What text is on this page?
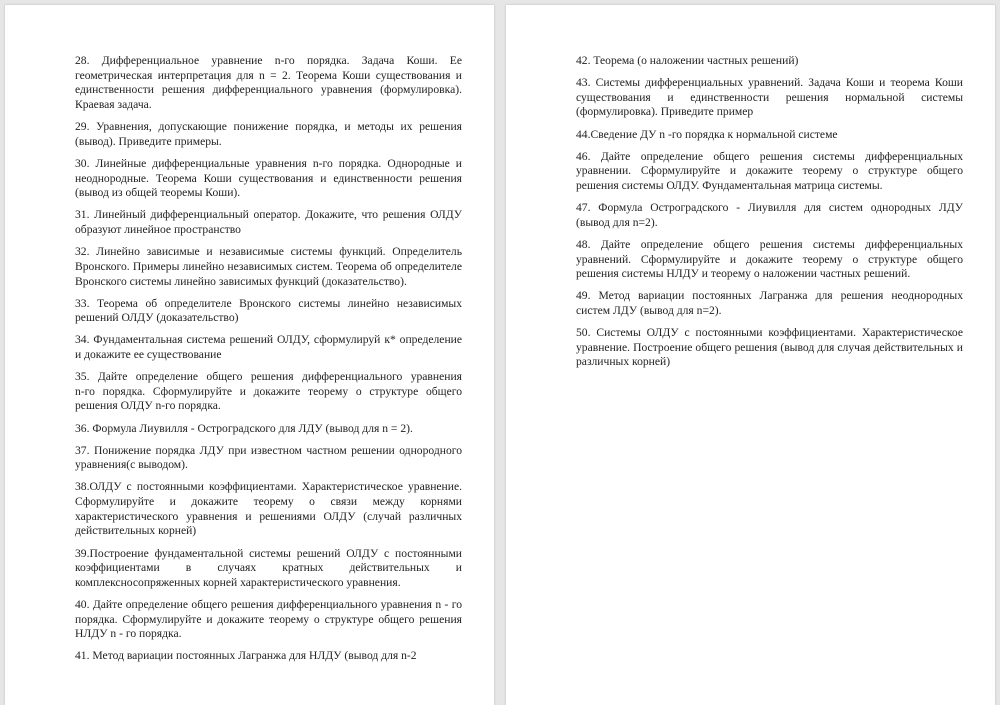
28. Дифференциальное уравнение n-го порядка. Задача Коши. Ее
геометрическая интерпретация для n = 2. Теорема Коши существования и
единственности решения дифференциального уравнения (формулировка).
Краевая задача.
29. Уравнения, допускающие понижение порядка, и методы их решения
(вывод). Приведите примеры.
30. Линейные дифференциальные уравнения n-го порядка. Однородные и
неоднородные. Теорема Коши существования и единственности решения
(вывод из общей теоремы Коши).
31. Линейный дифференциальный оператор. Докажите, что решения ОЛДУ
образуют линейное пространство
32. Линейно зависимые и независимые системы функций. Определитель
Вронского. Примеры линейно независимых систем. Теорема об определителе
Вронского системы линейно зависимых функций (доказательство).
33. Теорема об определителе Вронского системы линейно независимых
решений ОЛДУ (доказательство)
34. Фундаментальная система решений ОЛДУ, сформулируй к* определение
и докажите ее существование
35. Дайте определение общего решения дифференциального уравнения
n-го порядка. Сформулируйте и докажите теорему о структуре общего
решения ОЛДУ n-го порядка.
36. Формула Лиувилля - Остроградского для ЛДУ (вывод для n = 2).
37. Понижение порядка ЛДУ при известном частном решении однородного
уравнения(с выводом).
38.ОЛДУ с постоянными коэффициентами. Характеристическое уравнение.
Сформулируйте и докажите теорему о связи между корнями
характеристического уравнения и решениями ОЛДУ (случай различных
действительных корней)
39.Построение фундаментальной системы решений ОЛДУ с постоянными
коэффициентами в случаях кратных действительных и
комплексносопряженных корней характеристического уравнения.
40. Дайте определение общего решения дифференциального уравнения n - го
порядка. Сформулируйте и докажите теорему о структуре общего решения
НЛДУ n - го порядка.
41. Метод вариации постоянных Лагранжа для НЛДУ (вывод для n-2
42. Теорема (о наложении частных решений)
43. Системы дифференциальных уравнений. Задача Коши и теорема Коши
существования и единственности решения нормальной системы
(формулировка). Приведите пример
44.Сведение ДУ n -го порядка к нормальной системе
46. Дайте определение общего решения системы дифференциальных
уравнении. Сформулируйте и докажите теорему о структуре общего
решения системы ОЛДУ. Фундаментальная матрица системы.
47. Формула Остроградского - Лиувилля для систем однородных ЛДУ
(вывод для n=2).
48. Дайте определение общего решения системы дифференциальных
уравнений. Сформулируйте и докажите теорему о структуре общего
решения системы НЛДУ и теорему о наложении частных решений.
49. Метод вариации постоянных Лагранжа для решения неоднородных
систем ЛДУ (вывод для n=2).
50. Системы ОЛДУ с постоянными коэффициентами. Характеристическое
уравнение. Построение общего решения (вывод для случая действительных и
различных корней)
